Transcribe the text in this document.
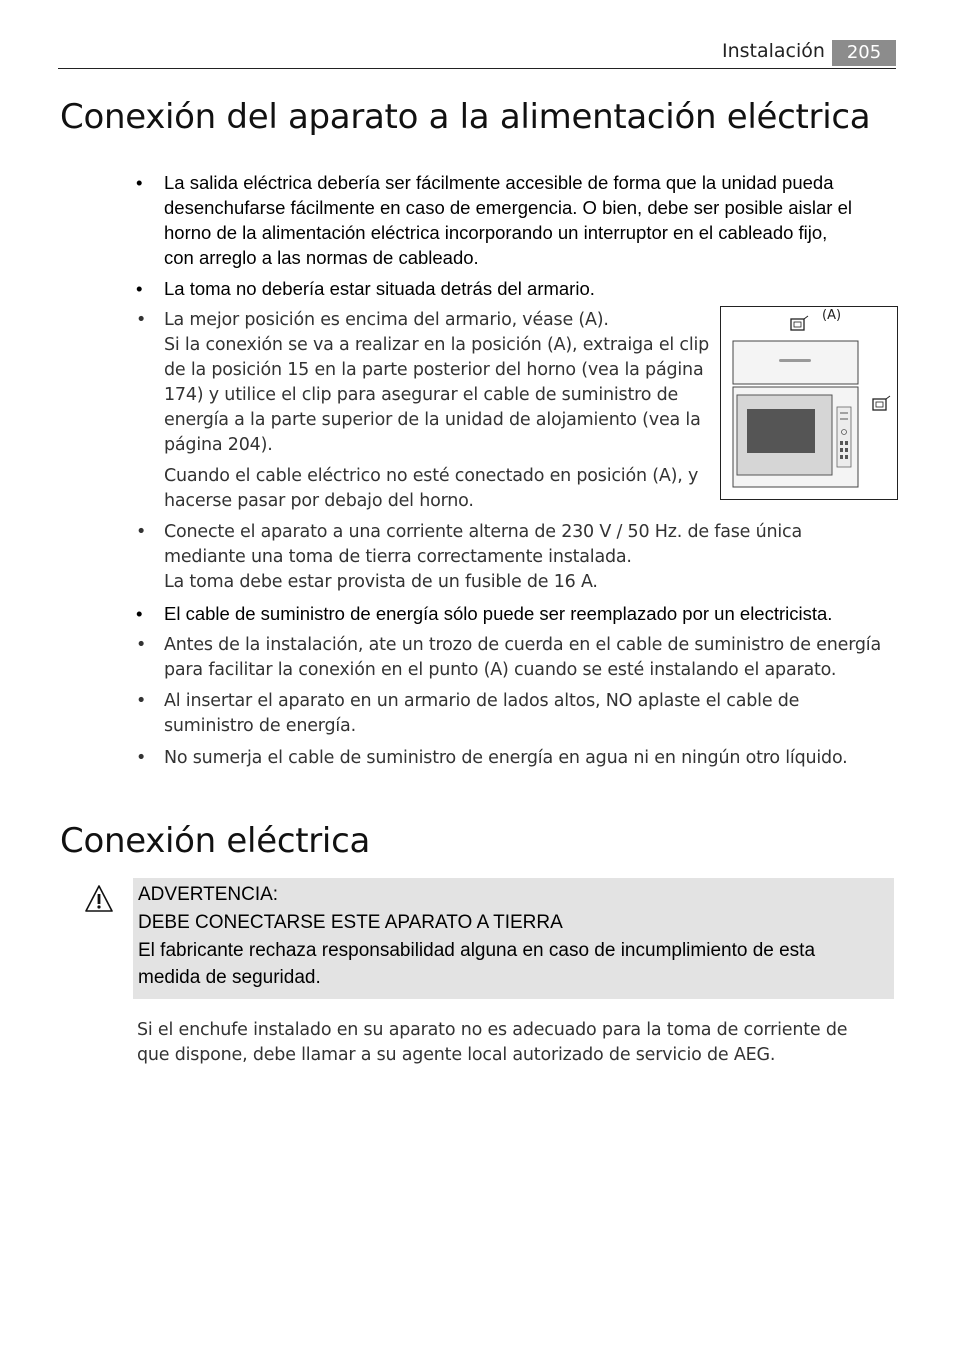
Instalación	205
Conexión del aparato a la alimentación eléctrica
• La salida eléctrica debería ser fácilmente accesible de forma que la unidad pueda
desenchufarse fácilmente en caso de emergencia. O bien, debe ser posible aislar el
horno de la alimentación eléctrica incorporando un interruptor en el cableado fijo,
con arreglo a las normas de cableado.
• La toma no debería estar situada detrás del armario.
• La mejor posición es encima del armario, véase (A).
Si la conexión se va a realizar en la posición (A), extraiga el clip
de la posición 15 en la parte posterior del horno (vea la página
174) y utilice el clip para asegurar el cable de suministro de
energía a la parte superior de la unidad de alojamiento (vea la
página 204).
Cuando el cable eléctrico no esté conectado en posición (A), y
hacerse pasar por debajo del horno.
(A)
• Conecte el aparato a una corriente alterna de 230 V / 50 Hz. de fase única
mediante una toma de tierra correctamente instalada.
La toma debe estar provista de un fusible de 16 A.
• El cable de suministro de energía sólo puede ser reemplazado por un electricista.
• Antes de la instalación, ate un trozo de cuerda en el cable de suministro de energía
para facilitar la conexión en el punto (A) cuando se esté instalando el aparato.
• Al insertar el aparato en un armario de lados altos, NO aplaste el cable de
suministro de energía.
• No sumerja el cable de suministro de energía en agua ni en ningún otro líquido.
Conexión eléctrica
ADVERTENCIA:
DEBE CONECTARSE ESTE APARATO A TIERRA
El fabricante rechaza responsabilidad alguna en caso de incumplimiento de esta
medida de seguridad.
Si el enchufe instalado en su aparato no es adecuado para la toma de corriente de
que dispone, debe llamar a su agente local autorizado de servicio de AEG.
